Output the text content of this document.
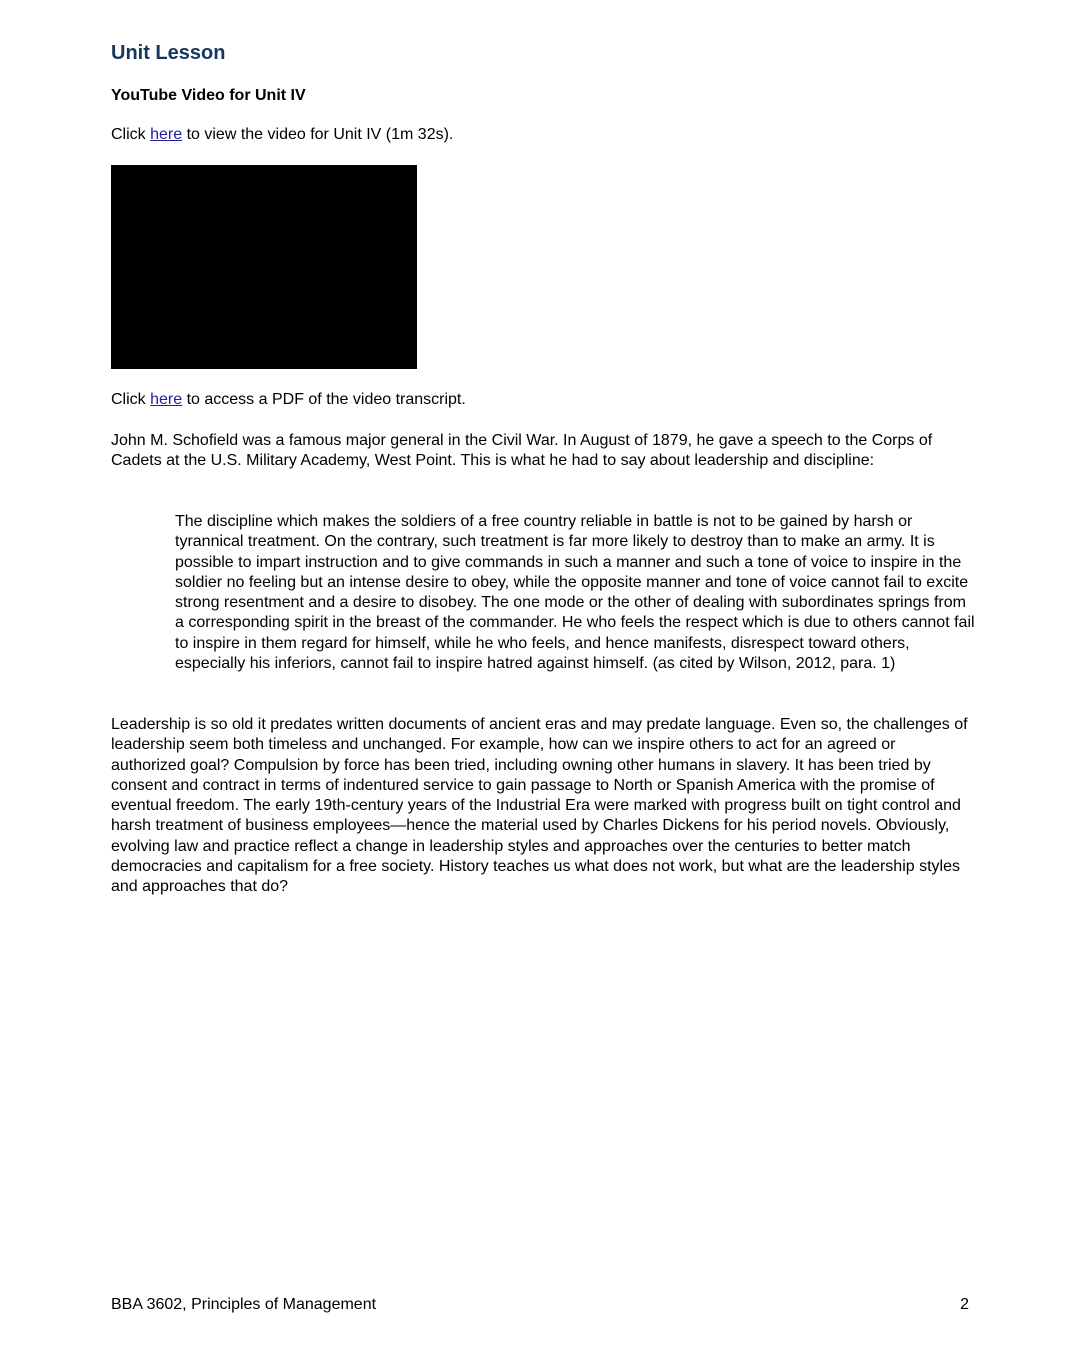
Unit Lesson
YouTube Video for Unit IV

Click here to view the video for Unit IV (1m 32s).

Click here to access a PDF of the video transcript.

John M. Schofield was a famous major general in the Civil War. In August of 1879, he gave a speech to the Corps of Cadets at the U.S. Military Academy, West Point. This is what he had to say about leadership and discipline:

The discipline which makes the soldiers of a free country reliable in battle is not to be gained by harsh or tyrannical treatment. On the contrary, such treatment is far more likely to destroy than to make an army. It is possible to impart instruction and to give commands in such a manner and such a tone of voice to inspire in the soldier no feeling but an intense desire to obey, while the opposite manner and tone of voice cannot fail to excite strong resentment and a desire to disobey. The one mode or the other of dealing with subordinates springs from a corresponding spirit in the breast of the commander. He who feels the respect which is due to others cannot fail to inspire in them regard for himself, while he who feels, and hence manifests, disrespect toward others, especially his inferiors, cannot fail to inspire hatred against himself. (as cited by Wilson, 2012, para. 1)

Leadership is so old it predates written documents of ancient eras and may predate language. Even so, the challenges of leadership seem both timeless and unchanged. For example, how can we inspire others to act for an agreed or authorized goal? Compulsion by force has been tried, including owning other humans in slavery. It has been tried by consent and contract in terms of indentured service to gain passage to North or Spanish America with the promise of eventual freedom. The early 19th-century years of the Industrial Era were marked with progress built on tight control and harsh treatment of business employees—hence the material used by Charles Dickens for his period novels. Obviously, evolving law and practice reflect a change in leadership styles and approaches over the centuries to better match democracies and capitalism for a free society. History teaches us what does not work, but what are the leadership styles and approaches that do?

BBA 3602, Principles of Management	2
